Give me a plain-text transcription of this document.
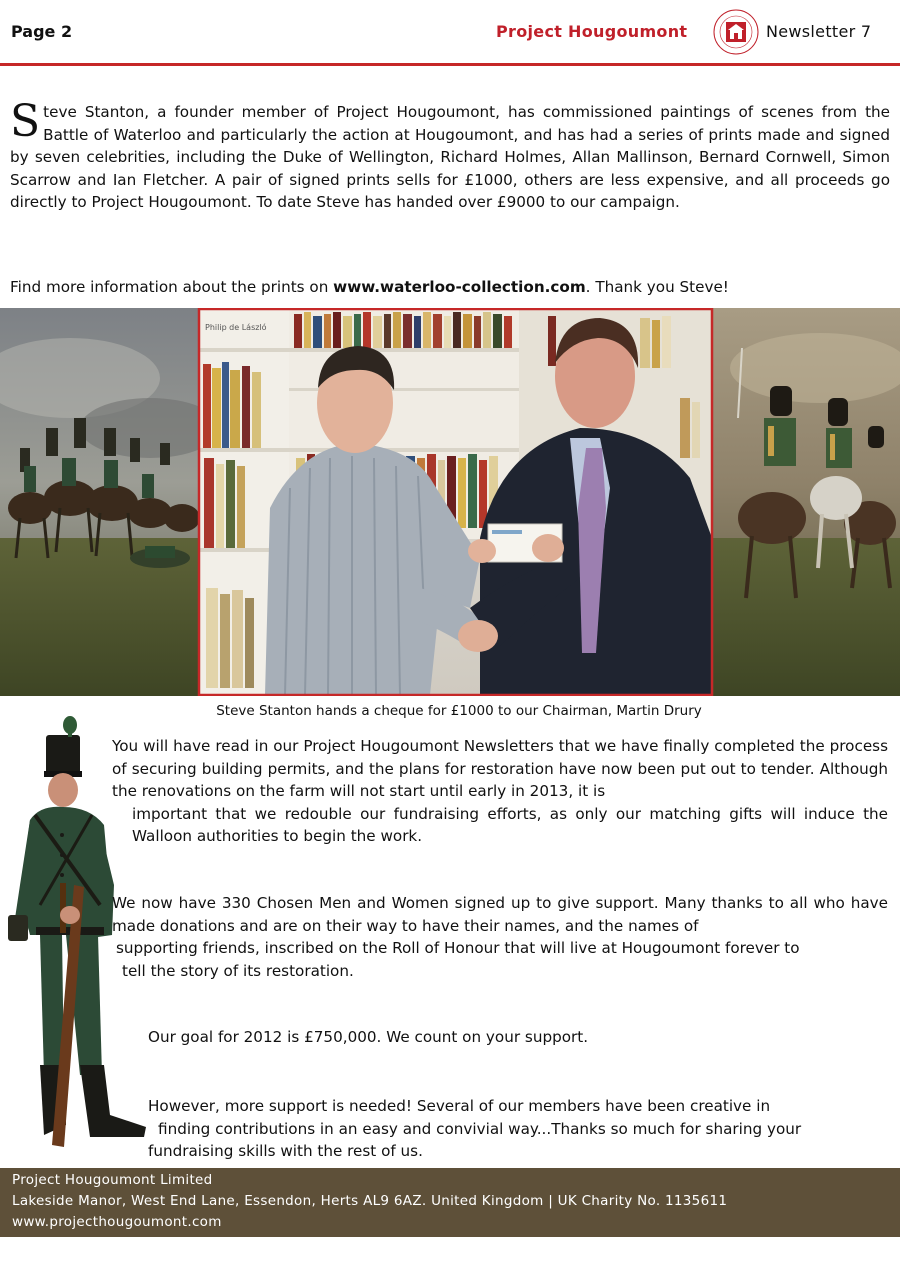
Page 2	Project Hougoumont	Newsletter 7
Steve Stanton, a founder member of Project Hougoumont, has commissioned paintings of scenes from the Battle of Waterloo and particularly the action at Hougoumont, and has had a series of prints made and signed by seven celebrities, including the Duke of Wellington, Richard Holmes, Allan Mallinson, Bernard Cornwell, Simon Scarrow and Ian Fletcher. A pair of signed prints sells for £1000, others are less expensive, and all proceeds go directly to Project Hougoumont. To date Steve has handed over £9000 to our campaign.
Find more information about the prints on www.waterloo-collection.com. Thank you Steve!
Philip de László
Steve Stanton hands a cheque for £1000 to our Chairman, Martin Drury
You will have read in our Project Hougoumont Newsletters that we have finally completed the process of securing building permits, and the plans for restoration have now been put out to tender. Although the renovations on the farm will not start until early in 2013, it is
important that we redouble our fundraising efforts, as only our matching gifts will induce the Walloon authorities to begin the work.
We now have 330 Chosen Men and Women signed up to give support. Many thanks to all who have made donations and are on their way to have their names, and the names of
supporting friends, inscribed on the Roll of Honour that will live at Hougoumont forever to
tell the story of its restoration.
Our goal for 2012 is £750,000. We count on your support.
However, more support is needed! Several of our members have been creative in
finding contributions in an easy and convivial way...Thanks so much for sharing your
fundraising skills with the rest of us.
Project Hougoumont Limited
Lakeside Manor, West End Lane, Essendon, Herts AL9 6AZ. United Kingdom | UK Charity No. 1135611
www.projecthougoumont.com
